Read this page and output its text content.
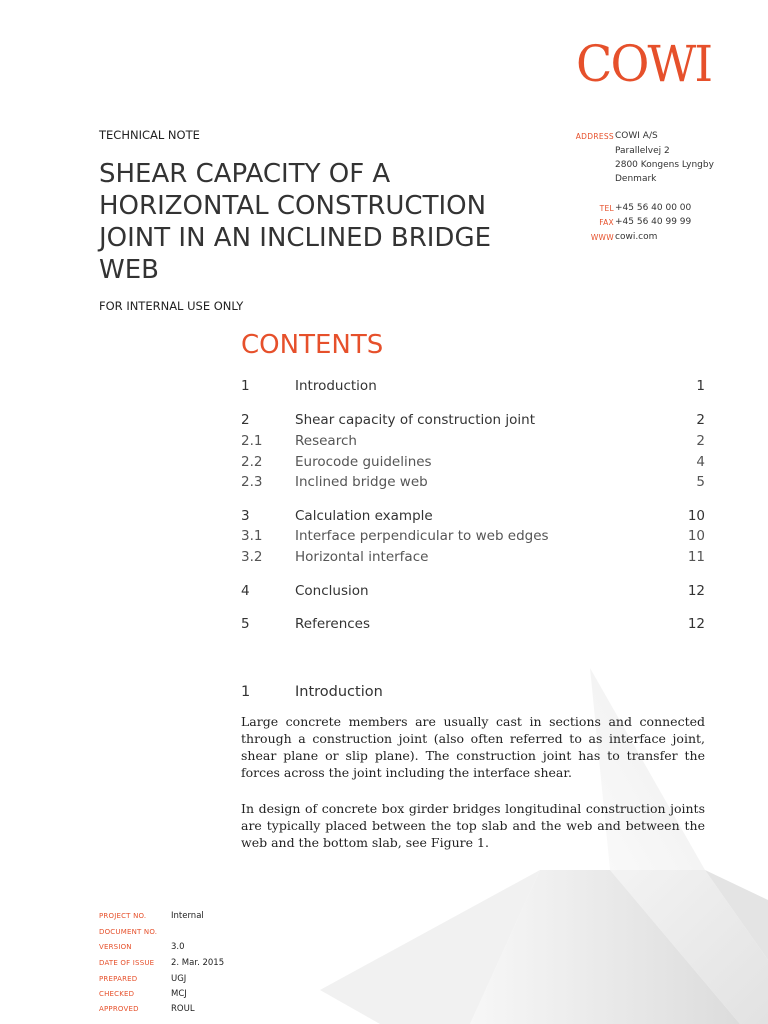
COWI
TECHNICAL NOTE
SHEAR CAPACITY OF A HORIZONTAL CONSTRUCTION JOINT IN AN INCLINED BRIDGE WEB
FOR INTERNAL USE ONLY
ADDRESS COWI A/S
Parallelvej 2
2800 Kongens Lyngby
Denmark
TEL +45 56 40 00 00
FAX +45 56 40 99 99
WWW cowi.com
CONTENTS
1	Introduction	1
2	Shear capacity of construction joint	2
2.1 Research	2
2.2 Eurocode guidelines	4
2.3 Inclined bridge web	5
3	Calculation example	10
3.1 Interface perpendicular to web edges	10
3.2 Horizontal interface	11
4	Conclusion	12
5	References	12
1	Introduction

Large concrete members are usually cast in sections and connected through a construction joint (also often referred to as interface joint, shear plane or slip plane). The construction joint has to transfer the forces across the joint including the interface shear.

In design of concrete box girder bridges longitudinal construction joints are typically placed between the top slab and the web and between the web and the bottom slab, see Figure 1.

PROJECT NO.	Internal
DOCUMENT NO.
VERSION	3.0
DATE OF ISSUE 2. Mar. 2015
PREPARED	UGJ
CHECKED	MCJ
APPROVED	ROUL
